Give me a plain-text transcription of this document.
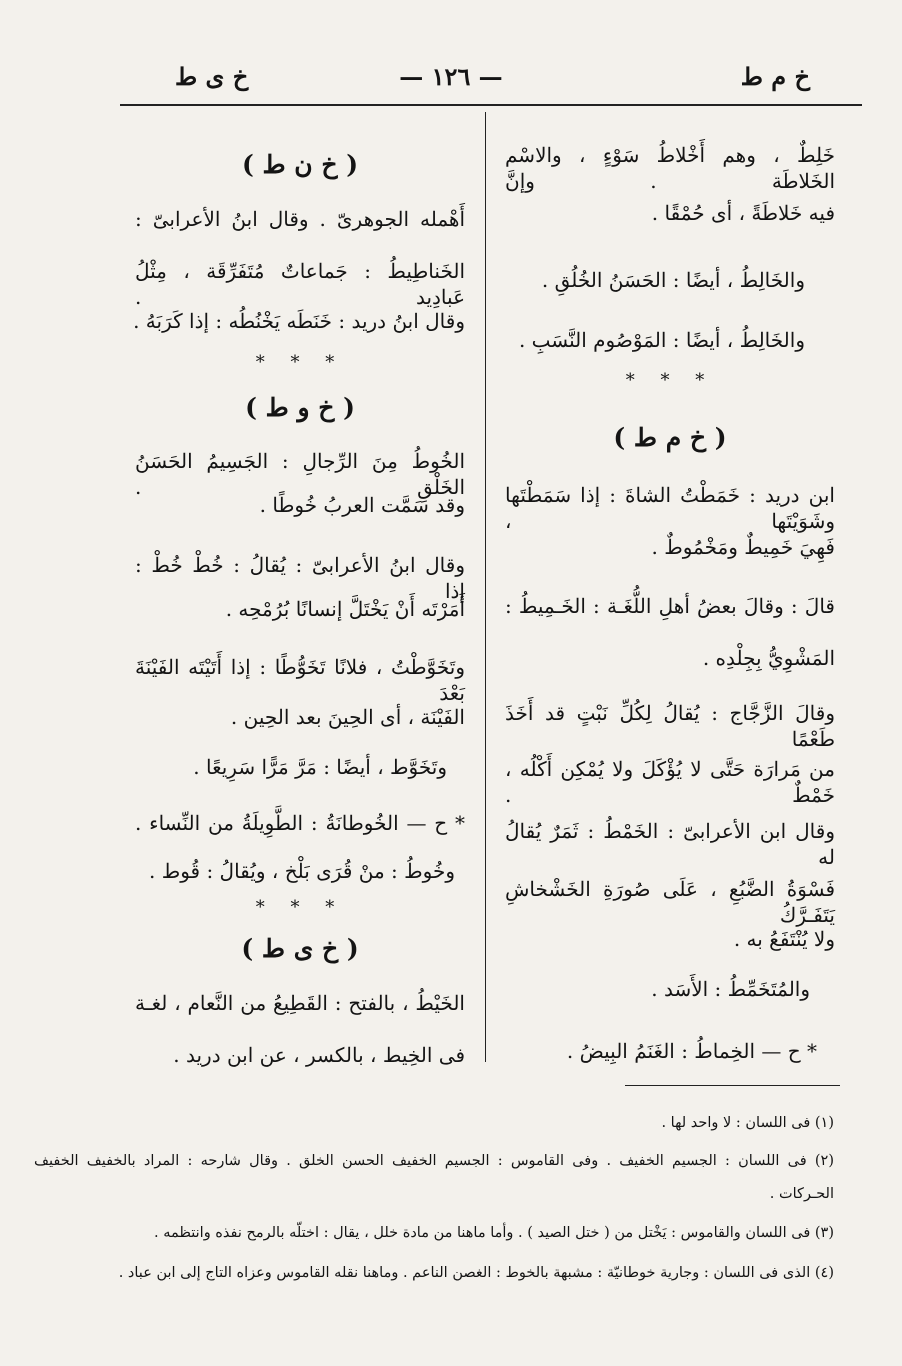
خ م ط
— ١٢٦ —
خ ى ط
خَلِطٌ ، وهم أَخْلاطُ سَوْءٍ ، والاسْم الخَلاطَة . وإنَّ
فيه خَلاطَةً ، أى حُمْقًا .
والخَالِطُ ، أيضًا : الحَسَنُ الخُلُقِ .
والخَالِطُ ، أيضًا : المَوْصُوم النَّسَبِ .
* * *
( خ م ط )
ابن دريد : خَمَطْتُ الشاةَ : إذا سَمَطْتَها وشَوَيْتَها ،
فَهِيَ خَمِيطٌ ومَخْمُوطٌ .
قالَ : وقالَ بعضُ أهلِ اللُّغَـة : الخَـمِيطُ :
المَشْوِيُّ بِجِلْدِه .
وقالَ الزَّجَّاج : يُقالُ لِكُلِّ نَبْتٍ قد أَخَذَ طَعْمًا
من مَرارَة حَتَّى لا يُؤْكَلَ ولا يُمْكِن أَكْلُه ، خَمْطٌ .
وقال ابن الأعرابىّ : الخَمْطُ : ثَمَرٌ يُقالُ له
فَسْوَةُ الضَّبُعِ ، عَلَى صُورَةِ الخَشْخاشِ يَتَفَـرَّكُ
ولا يُنْتَفَعُ به .
والمُتَخَمِّطُ : الأَسَد .
* ح — الخِماطُ : الغَنَمُ البِيضُ .
( خ ن ط )
أَهْمله الجوهرىّ . وقال ابنُ الأعرابىّ :
الخَناطِيطُ : جَماعاتٌ مُتَفَرِّقَة ، مِثْلُ عَبادِيد .
وقال ابنُ دريد : خَنَطَه يَخْنُطُه : إذا كَرَبَهُ .
* * *
( خ و ط )
الخُوطُ مِنَ الرِّجالِ : الجَسِيمُ الحَسَنُ الخَلْقِ .
وقد سَمَّت العربُ خُوطًا .
وقال ابنُ الأعرابىّ : يُقالُ : خُطْ خُطْ : إذا
أَمَرْتَه أَنْ يَخْتَلَّ إنسانًا بُرُمْحِه .
وتَخَوَّطْتُ ، فلانًا تَخَوُّطًا : إذا أَتَيْتَه الفَيْنَةَ بَعْدَ
الفَيْنَة ، أى الحِينَ بعد الحِين .
وتَخَوَّط ، أيضًا : مَرَّ مَرًّا سَرِيعًا .
* ح — الخُوطانَةُ : الطَّوِيلَةُ من النِّساء .
وخُوطُ : منْ قُرَى بَلْخ ، ويُقالُ : قُوط .
* * *
( خ ى ط )
الخَيْطُ ، بالفتح : القَطِيعُ من النَّعام ، لغـة
فى الخِيط ، بالكسر ، عن ابن دريد .
(١) فى اللسان : لا واحد لها .
(٢) فى اللسان : الجسيم الخفيف . وفى القاموس : الجسيم الخفيف الحسن الخلق . وقال شارحه : المراد بالخفيف الخفيف
الحـركات .
(٣) فى اللسان والقاموس : يَخْتل من ( ختل الصيد ) . وأما ماهنا من مادة خلل ، يقال : اختلّه بالرمح نفذه وانتظمه .
(٤) الذى فى اللسان : وجارية خوطانيّة : مشبهة بالخوط : الغصن الناعم . وماهنا نقله القاموس وعزاه التاج إلى ابن عباد .
